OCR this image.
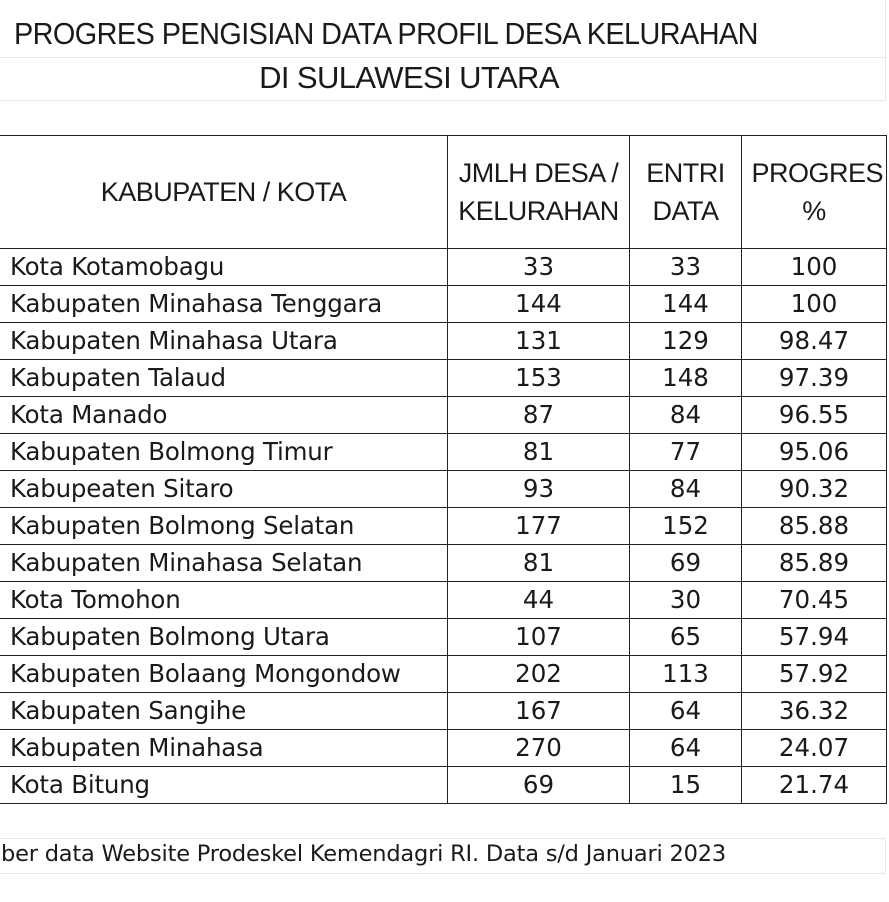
PROGRES PENGISIAN DATA PROFIL DESA KELURAHAN
DI SULAWESI UTARA
KABUPATEN / KOTA	JMLH DESA / KELURAHAN	ENTRI DATA	PROGRES %
Kota Kotamobagu	33	33	100
Kabupaten Minahasa Tenggara	144	144	100
Kabupaten Minahasa Utara	131	129	98.47
Kabupaten Talaud	153	148	97.39
Kota Manado	87	84	96.55
Kabupaten Bolmong Timur	81	77	95.06
Kabupeaten Sitaro	93	84	90.32
Kabupaten Bolmong Selatan	177	152	85.88
Kabupaten Minahasa Selatan	81	69	85.89
Kota Tomohon	44	30	70.45
Kabupaten Bolmong Utara	107	65	57.94
Kabupaten Bolaang Mongondow	202	113	57.92
Kabupaten Sangihe	167	64	36.32
Kabupaten Minahasa	270	64	24.07
Kota Bitung	69	15	21.74
ber data Website Prodeskel Kemendagri RI. Data s/d Januari 2023
